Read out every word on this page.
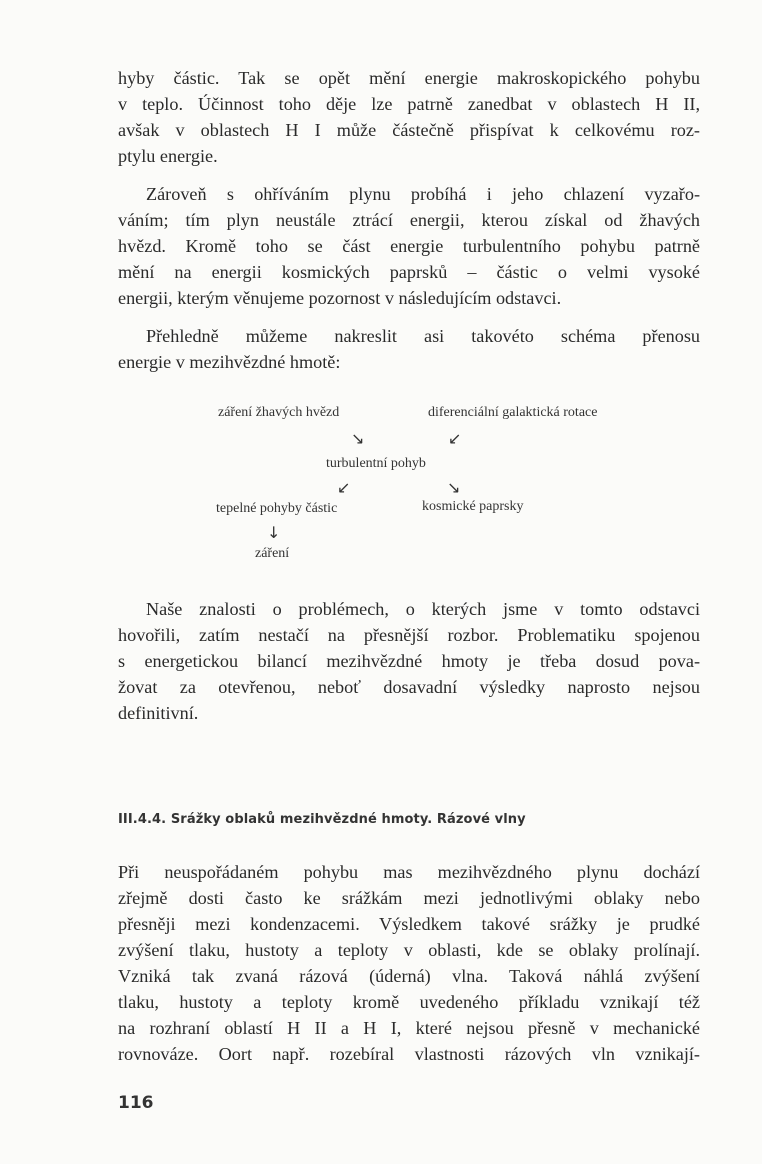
hyby částic. Tak se opět mění energie makroskopického pohybu
v teplo. Účinnost toho děje lze patrně zanedbat v oblastech H II,
avšak v oblastech H I může částečně přispívat k celkovému roz-
ptylu energie.
Zároveň s ohříváním plynu probíhá i jeho chlazení vyzařo-
váním; tím plyn neustále ztrácí energii, kterou získal od žhavých
hvězd. Kromě toho se část energie turbulentního pohybu patrně
mění na energii kosmických paprsků – částic o velmi vysoké
energii, kterým věnujeme pozornost v následujícím odstavci.
Přehledně můžeme nakreslit asi takovéto schéma přenosu
energie v mezihvězdné hmotě:
záření žhavých hvězd	diferenciální galaktická rotace
↘	↙
turbulentní pohyb
↙	↘
tepelné pohyby částic	kosmické paprsky
↓
záření
Naše znalosti o problémech, o kterých jsme v tomto odstavci
hovořili, zatím nestačí na přesnější rozbor. Problematiku spojenou
s energetickou bilancí mezihvězdné hmoty je třeba dosud pova-
žovat za otevřenou, neboť dosavadní výsledky naprosto nejsou
definitivní.
III.4.4. Srážky oblaků mezihvězdné hmoty. Rázové vlny
Při neuspořádaném pohybu mas mezihvězdného plynu dochází
zřejmě dosti často ke srážkám mezi jednotlivými oblaky nebo
přesněji mezi kondenzacemi. Výsledkem takové srážky je prudké
zvýšení tlaku, hustoty a teploty v oblasti, kde se oblaky prolínají.
Vzniká tak zvaná rázová (úderná) vlna. Taková náhlá zvýšení
tlaku, hustoty a teploty kromě uvedeného příkladu vznikají též
na rozhraní oblastí H II a H I, které nejsou přesně v mechanické
rovnováze. Oort např. rozebíral vlastnosti rázových vln vznikají-
116
